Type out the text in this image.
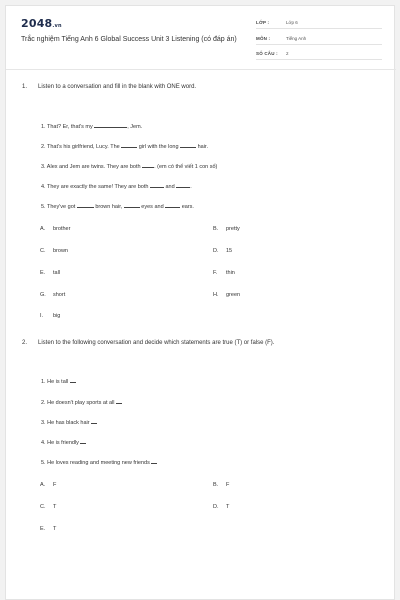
2048.vn
Trắc nghiệm Tiếng Anh 6 Global Success Unit 3 Listening (có đáp án)
LỚP :	Lớp 6
MÔN :	Tiếng Anh
SỐ CÂU : 2
1. Listen to a conversation and fill in the blank with ONE word.
1. That? Er, that's my	, Jem.
2. That's his girlfriend, Lucy. The	girl with the long	hair.
3. Alex and Jem are twins. They are both . (em có thể viết 1 con số)
4. They are exactly the same! They are both	and	.
5. They've got	brown hair,	eyes and	ears.
A. brother	B. pretty
C. brown	D. 15
E. tall	F. thin
G. short	H. green
I. big
2. Listen to the following conversation and decide which statements are true (T) or false (F).
1. He is tall
2. He doesn't play sports at all
3. He has black hair
4. He is friendly
5. He loves reading and meeting new friends
A. F	B. F
C. T	D. T
E. T
